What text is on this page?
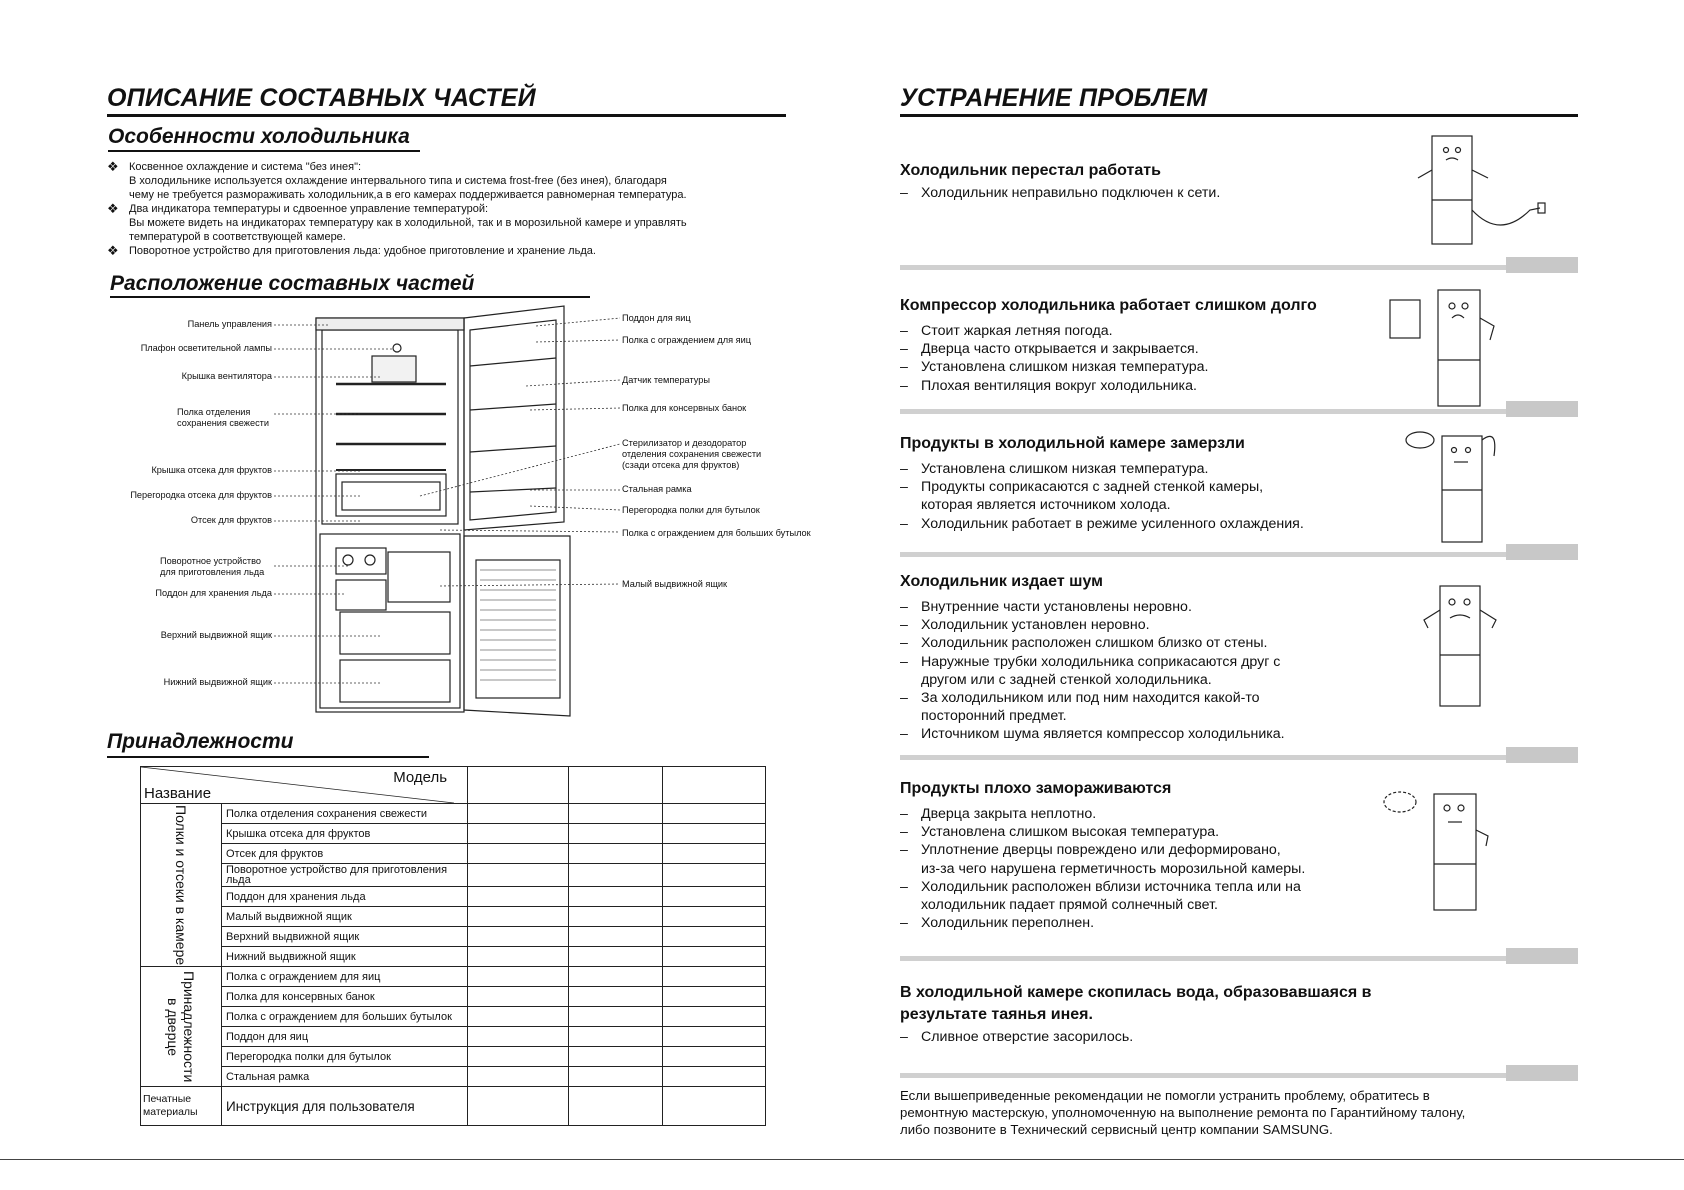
ОПИСАНИЕ СОСТАВНЫХ ЧАСТЕЙ
Особенности холодильника
❖ Косвенное охлаждение и система "без инея":
В холодильнике используется охлаждение интервального типа и система frost-free (без инея), благодаря
чему не требуется размораживать холодильник,а в его камерах поддерживается равномерная температура.
❖ Два индикатора температуры и сдвоенное управление температурой:
Вы можете видеть на индикаторах температуру как в холодильной, так и в морозильной камере и управлять
температурой в соответствующей камере.
❖ Поворотное устройство для приготовления льда: удобное приготовление и хранение льда.
Расположение составных частей
Панель управления
Плафон осветительной лампы
Крышка вентилятора
Полка отделения
сохранения свежести
Крышка отсека для фруктов
Перегородка отсека для фруктов
Отсек для фруктов
Поворотное устройство
для приготовления льда
Поддон для хранения льда
Верхний выдвижной ящик
Нижний выдвижной ящик
Поддон для яиц
Полка с ограждением для яиц
Датчик температуры
Полка для консервных банок
Стерилизатор и дезодоратор
отделения сохранения свежести
(сзади отсека для фруктов)
Стальная рамка
Перегородка полки для бутылок
Полка с ограждением для больших бутылок
Малый выдвижной ящик
Принадлежности
Модель
Название				

Полки и отсеки в камере	Полка отделения сохранения свежести			
	Крышка отсека для фруктов			
	Отсек для фруктов			
	Поворотное устройство для приготовления льда			
	Поддон для хранения льда			
	Малый выдвижной ящик			
	Верхний выдвижной ящик			
	Нижний выдвижной ящик			
Принадлежности в дверце	Полка с ограждением для яиц			
	Полка для консервных банок			
	Полка с ограждением для больших бутылок			
	Поддон для яиц			
	Перегородка полки для бутылок			
	Стальная рамка			
Печатные материалы	Инструкция для пользователя			
УСТРАНЕНИЕ ПРОБЛЕМ
Холодильник перестал работать
– Холодильник неправильно подключен к сети.
Компрессор холодильника работает слишком долго
– Стоит жаркая летняя погода.
– Дверца часто открывается и закрывается.
– Установлена слишком низкая температура.
– Плохая вентиляция вокруг холодильника.
Продукты в холодильной камере замерзли
– Установлена слишком низкая температура.
– Продукты соприкасаются с задней стенкой камеры,
которая является источником холода.
– Холодильник работает в режиме усиленного охлаждения.
Холодильник издает шум
– Внутренние части установлены неровно.
– Холодильник установлен неровно.
– Холодильник расположен слишком близко от стены.
– Наружные трубки холодильника соприкасаются друг с
другом или с задней стенкой холодильника.
– За холодильником или под ним находится какой-то
посторонний предмет.
– Источником шума является компрессор холодильника.
Продукты плохо замораживаются
– Дверца закрыта неплотно.
– Установлена слишком высокая температура.
– Уплотнение дверцы повреждено или деформировано,
из-за чего нарушена герметичность морозильной камеры.
– Холодильник расположен вблизи источника тепла или на
холодильник падает прямой солнечный свет.
– Холодильник переполнен.
В холодильной камере скопилась вода, образовавшаяся в
результате таянья инея.
– Сливное отверстие засорилось.
Если вышеприведенные рекомендации не помогли устранить проблему, обратитесь в
ремонтную мастерскую, уполномоченную на выполнение ремонта по Гарантийному талону,
либо позвоните в Технический сервисный центр компании SAMSUNG.
